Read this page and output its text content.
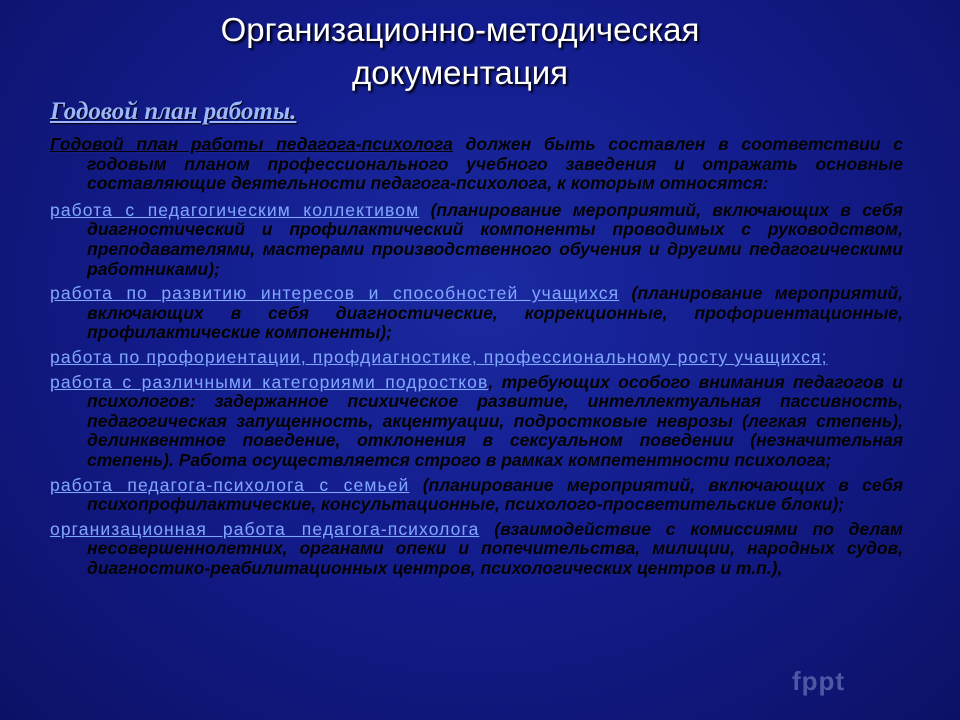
Организационно-методическая
документация
Годовой план работы.

Годовой план работы педагога-психолога должен быть составлен в соответствии с годовым планом профессионального учебного заведения и отражать основные составляющие деятельности педагога-психолога, к которым относятся:

работа с педагогическим коллективом (планирование мероприятий, включающих в себя диагностический и профилактический компоненты проводимых с руководством, преподавателями, мастерами производственного обучения и другими педагогическими работниками);

работа по развитию интересов и способностей учащихся (планирование мероприятий, включающих в себя диагностические, коррекционные, профориентационные, профилактические компоненты);

работа по профориентации, профдиагностике, профессиональному росту учащихся;

работа с различными категориями подростков, требующих особого внимания педагогов и психологов: задержанное психическое развитие, интеллектуальная пассивность, педагогическая запущенность, акцентуации, подростковые неврозы (легкая степень), делинквентное поведение, отклонения в сексуальном поведении (незначительная степень). Работа осуществляется строго в рамках компетентности психолога;

работа педагога-психолога с семьей (планирование мероприятий, включающих в себя психопрофилактические, консультационные, психолого-просветительские блоки);

организационная работа педагога-психолога (взаимодействие с комиссиями по делам несовершеннолетних, органами опеки и попечительства, милиции, народных судов, диагностико-реабилитационных центров, психологических центров и т.п.),

fppt
